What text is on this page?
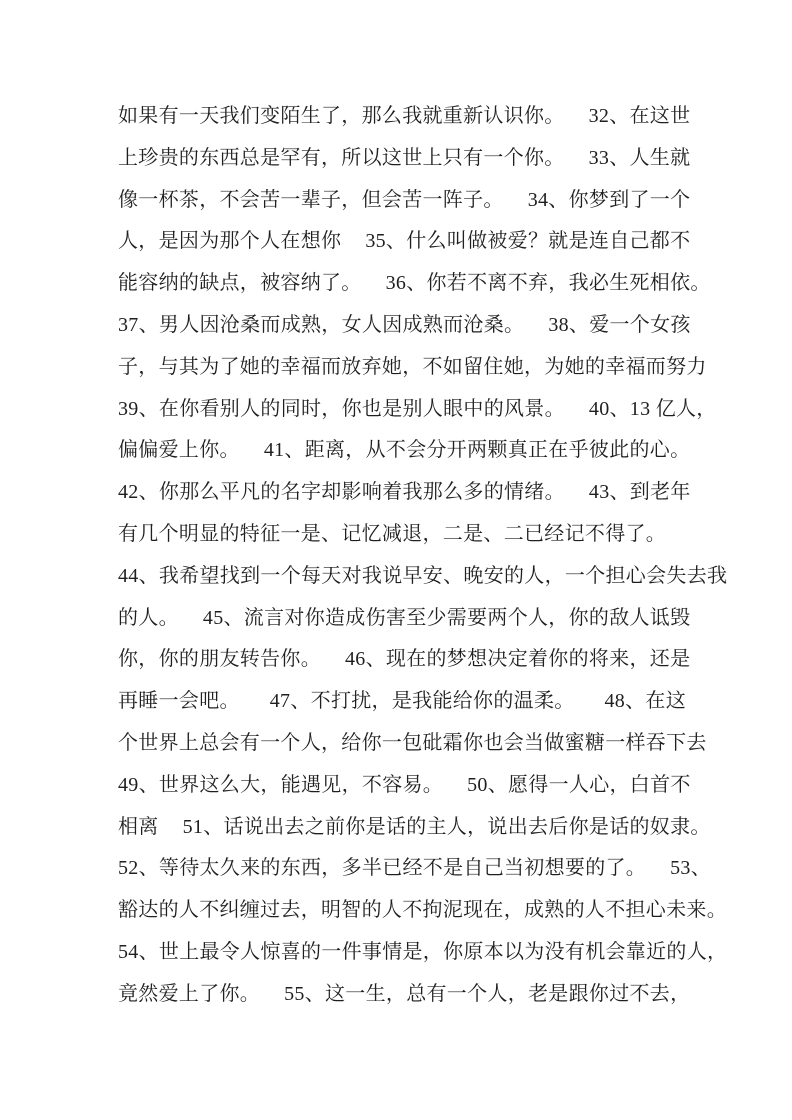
如果有一天我们变陌生了，那么我就重新认识你。 32、在这世
上珍贵的东西总是罕有，所以这世上只有一个你。 33、人生就
像一杯茶，不会苦一辈子，但会苦一阵子。 34、你梦到了一个
人，是因为那个人在想你 35、什么叫做被爱？就是连自己都不
能容纳的缺点，被容纳了。 36、你若不离不弃，我必生死相依。
37、男人因沧桑而成熟，女人因成熟而沧桑。 38、爱一个女孩
子，与其为了她的幸福而放弃她，不如留住她，为她的幸福而努力
39、在你看别人的同时，你也是别人眼中的风景。 40、13 亿人，
偏偏爱上你。 41、距离，从不会分开两颗真正在乎彼此的心。
42、你那么平凡的名字却影响着我那么多的情绪。 43、到老年
有几个明显的特征一是、记忆减退，二是、二已经记不得了。
44、我希望找到一个每天对我说早安、晚安的人，一个担心会失去我
的人。 45、流言对你造成伤害至少需要两个人，你的敌人诋毁
你，你的朋友转告你。 46、现在的梦想决定着你的将来，还是
再睡一会吧。 47、不打扰，是我能给你的温柔。 48、在这
个世界上总会有一个人，给你一包砒霜你也会当做蜜糖一样吞下去
49、世界这么大，能遇见，不容易。 50、愿得一人心，白首不
相离 51、话说出去之前你是话的主人，说出去后你是话的奴隶。
52、等待太久来的东西，多半已经不是自己当初想要的了。 53、
豁达的人不纠缠过去，明智的人不拘泥现在，成熟的人不担心未来。
54、世上最令人惊喜的一件事情是，你原本以为没有机会靠近的人，
竟然爱上了你。 55、这一生，总有一个人，老是跟你过不去，
